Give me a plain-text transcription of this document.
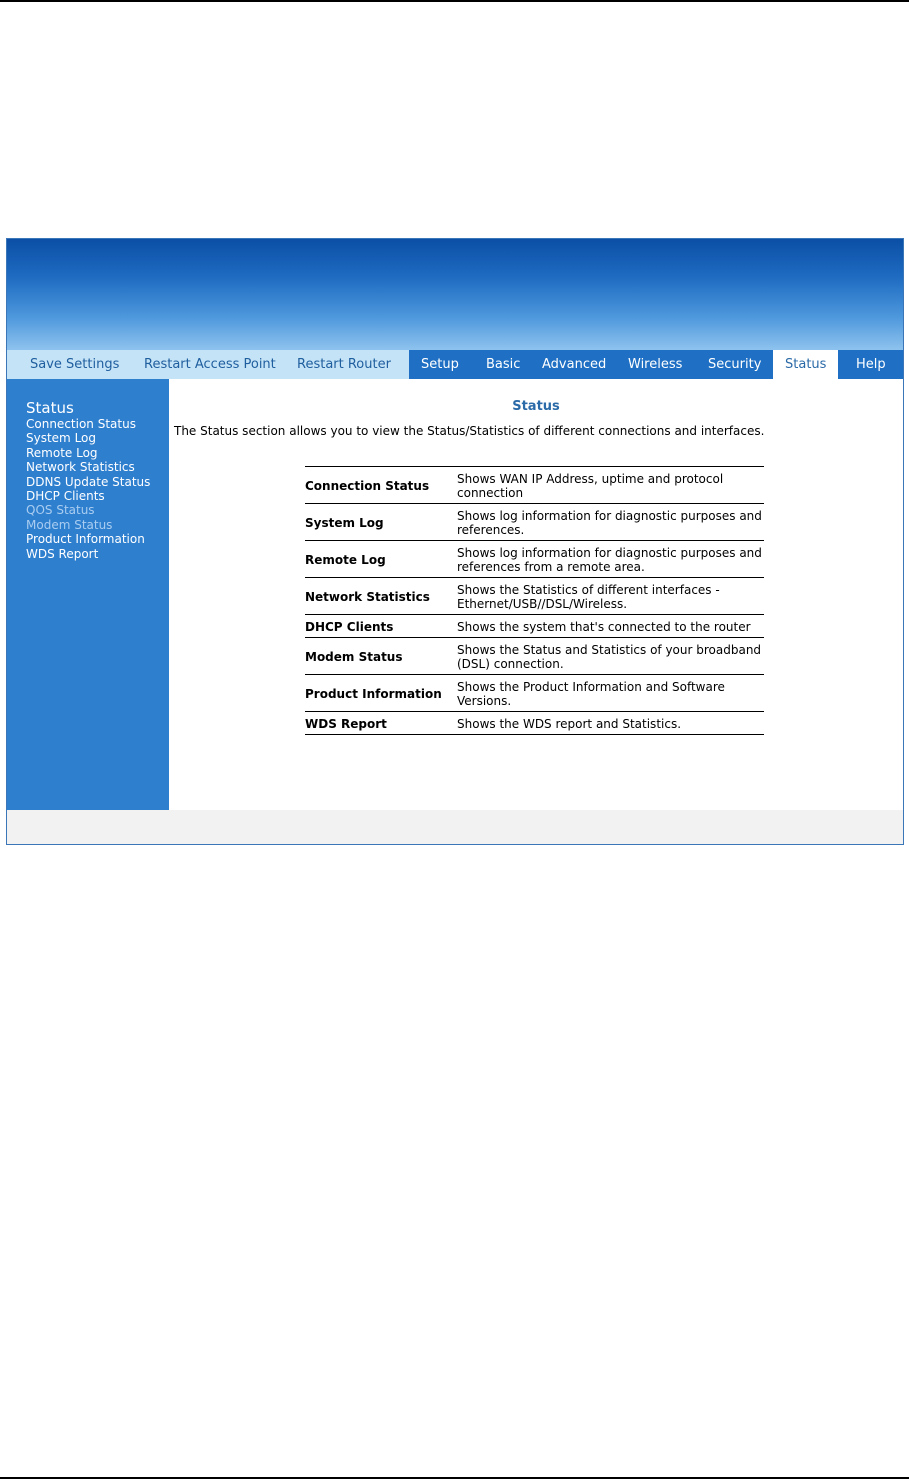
Save Settings Restart Access Point Restart Router Setup Basic Advanced Wireless Security	Status	Help
Status
Connection Status
System Log
Remote Log
Network Statistics
DDNS Update Status
DHCP Clients
QOS Status
Modem Status
Product Information
WDS Report
Status
The Status section allows you to view the Status/Statistics of different connections and interfaces.
Connection Status	Shows WAN IP Address, uptime and protocol connection
System Log	Shows log information for diagnostic purposes and references.
Remote Log	Shows log information for diagnostic purposes and references from a remote area.
Network Statistics	Shows the Statistics of different interfaces - Ethernet/USB//DSL/Wireless.
DHCP Clients	Shows the system that's connected to the router
Modem Status	Shows the Status and Statistics of your broadband (DSL) connection.
Product Information	Shows the Product Information and Software Versions.
WDS Report	Shows the WDS report and Statistics.
